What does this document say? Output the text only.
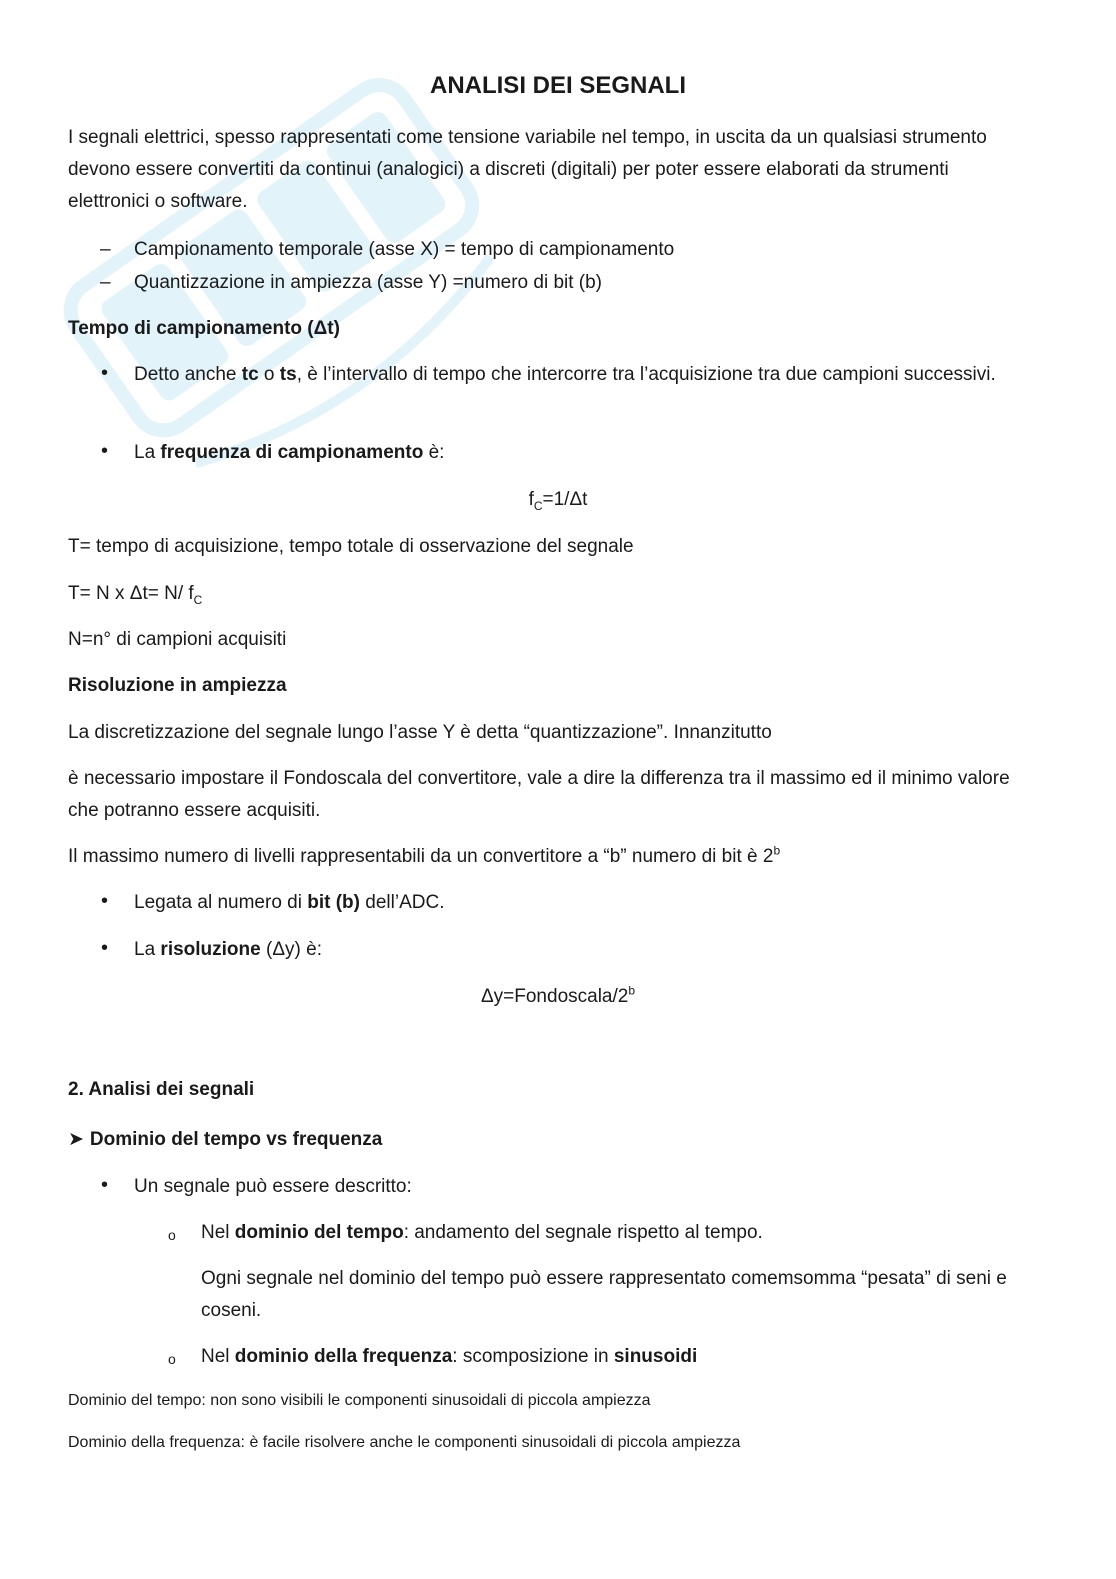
ANALISI DEI SEGNALI

I segnali elettrici, spesso rappresentati come tensione variabile nel tempo, in uscita da un qualsiasi strumento devono essere convertiti da continui (analogici) a discreti (digitali) per poter essere elaborati da strumenti elettronici o software.

– Campionamento temporale (asse X) = tempo di campionamento
– Quantizzazione in ampiezza (asse Y) =numero di bit (b)

Tempo di campionamento (Δt)

• Detto anche tc o ts, è l’intervallo di tempo che intercorre tra l’acquisizione tra due campioni successivi.
• La frequenza di campionamento è:

$f_C=1/\Delta t$

T= tempo di acquisizione, tempo totale di osservazione del segnale

T= N x Δt= N/ $f_C$

N=n° di campioni acquisiti

Risoluzione in ampiezza

La discretizzazione del segnale lungo l’asse Y è detta “quantizzazione”. Innanzitutto

è necessario impostare il Fondoscala del convertitore, vale a dire la differenza tra il massimo ed il minimo valore che potranno essere acquisiti.

Il massimo numero di livelli rappresentabili da un convertitore a “b” numero di bit è 2$^b$

• Legata al numero di bit (b) dell’ADC.
• La risoluzione (Δy) è:

$\Delta y=Fondoscala/2^b$

2. Analisi dei segnali

➤ Dominio del tempo vs frequenza

• Un segnale può essere descritto:
o Nel dominio del tempo: andamento del segnale rispetto al tempo.

Ogni segnale nel dominio del tempo può essere rappresentato comemsomma “pesata” di seni e coseni.

o Nel dominio della frequenza: scomposizione in sinusoidi

Dominio del tempo: non sono visibili le componenti sinusoidali di piccola ampiezza

Dominio della frequenza: è facile risolvere anche le componenti sinusoidali di piccola ampiezza
